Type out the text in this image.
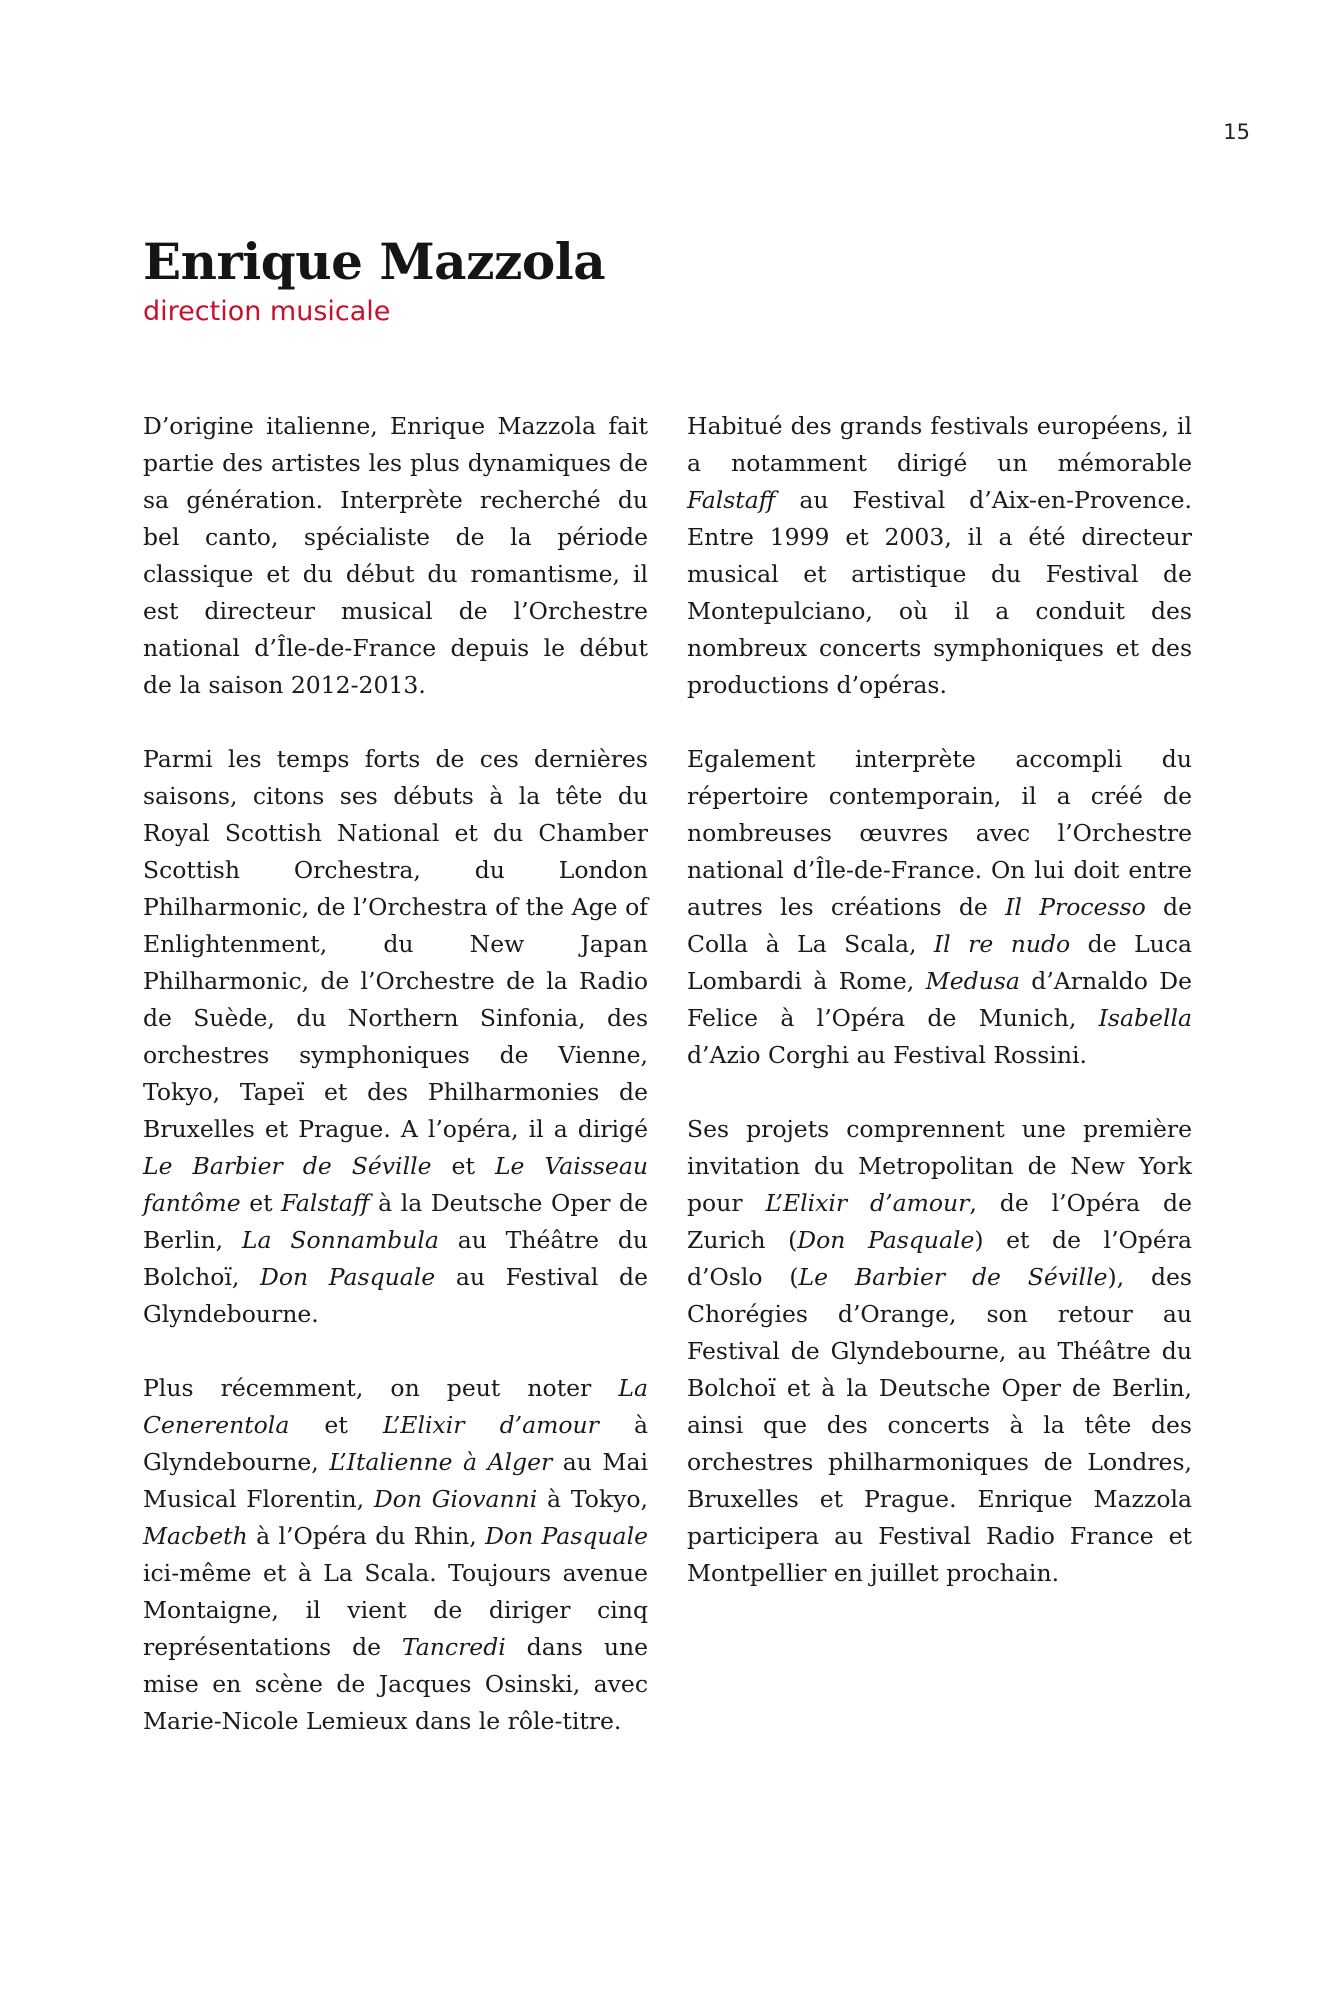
15
Enrique Mazzola
direction musicale

D’origine italienne, Enrique Mazzola fait partie des artistes les plus dynamiques de sa génération. Interprète recherché du bel canto, spécialiste de la période classique et du début du romantisme, il est directeur musical de l’Orchestre national d’Île-de-France depuis le début de la saison 2012-2013.

Parmi les temps forts de ces dernières saisons, citons ses débuts à la tête du Royal Scottish National et du Chamber Scottish Orchestra, du London Philharmonic, de l’Orchestra of the Age of Enlightenment, du New Japan Philharmonic, de l’Orchestre de la Radio de Suède, du Northern Sinfonia, des orchestres symphoniques de Vienne, Tokyo, Tapeï et des Philharmonies de Bruxelles et Prague. A l’opéra, il a dirigé Le Barbier de Séville et Le Vaisseau fantôme et Falstaff à la Deutsche Oper de Berlin, La Sonnambula au Théâtre du Bolchoï, Don Pasquale au Festival de Glyndebourne.

Plus récemment, on peut noter La Cenerentola et L’Elixir d’amour à Glyndebourne, L’Italienne à Alger au Mai Musical Florentin, Don Giovanni à Tokyo, Macbeth à l’Opéra du Rhin, Don Pasquale ici-même et à La Scala. Toujours avenue Montaigne, il vient de diriger cinq représentations de Tancredi dans une mise en scène de Jacques Osinski, avec Marie-Nicole Lemieux dans le rôle-titre.

Habitué des grands festivals européens, il a notamment dirigé un mémorable Falstaff au Festival d’Aix-en-Provence. Entre 1999 et 2003, il a été directeur musical et artistique du Festival de Montepulciano, où il a conduit des nombreux concerts symphoniques et des productions d’opéras.

Egalement interprète accompli du répertoire contemporain, il a créé de nombreuses œuvres avec l’Orchestre national d’Île-de-France. On lui doit entre autres les créations de Il Processo de Colla à La Scala, Il re nudo de Luca Lombardi à Rome, Medusa d’Arnaldo De Felice à l’Opéra de Munich, Isabella d’Azio Corghi au Festival Rossini.

Ses projets comprennent une première invitation du Metropolitan de New York pour L’Elixir d’amour, de l’Opéra de Zurich (Don Pasquale) et de l’Opéra d’Oslo (Le Barbier de Séville), des Chorégies d’Orange, son retour au Festival de Glyndebourne, au Théâtre du Bolchoï et à la Deutsche Oper de Berlin, ainsi que des concerts à la tête des orchestres philharmoniques de Londres, Bruxelles et Prague. Enrique Mazzola participera au Festival Radio France et Montpellier en juillet prochain.
